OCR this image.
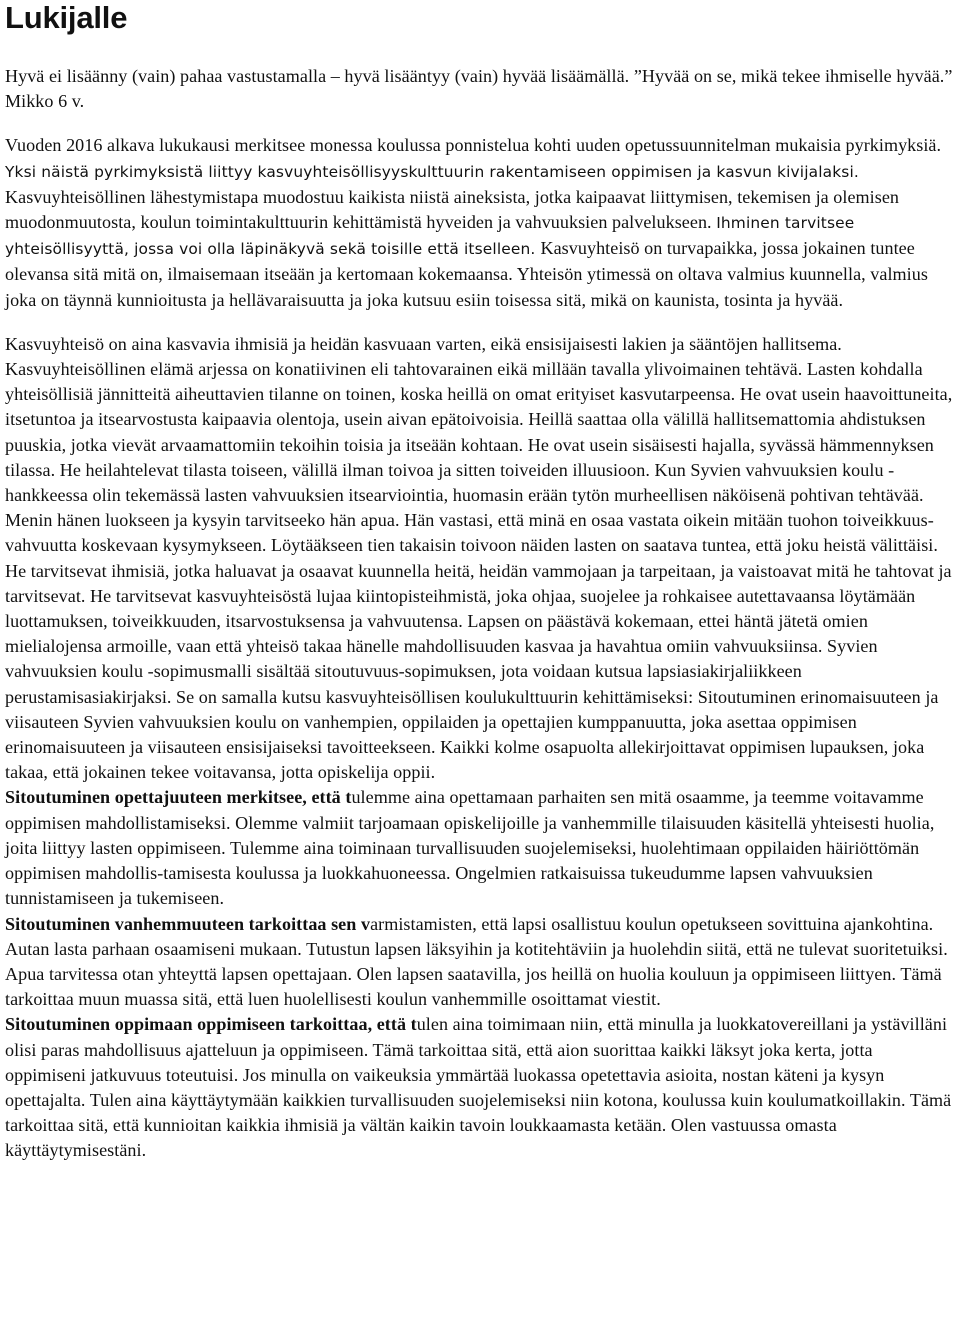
Lukijalle

Hyvä ei lisäänny (vain) pahaa vastustamalla – hyvä lisääntyy (vain) hyvää lisäämällä. ”Hyvää on se, mikä tekee ihmiselle hyvää.” Mikko 6 v.

Vuoden 2016 alkava lukukausi merkitsee monessa koulussa ponnistelua kohti uuden opetussuunnitelman mukaisia pyrkimyksiä. Yksi näistä pyrkimyksistä liittyy kasvuyhteisöllisyyskulttuurin rakentamiseen oppimisen ja kasvun kivijalaksi. Kasvuyhteisöllinen lähestymistapa muodostuu kaikista niistä aineksista, jotka kaipaavat liittymisen, tekemisen ja olemisen muodonmuutosta, koulun toimintakulttuurin kehittämistä hyveiden ja vahvuuksien palvelukseen. Ihminen tarvitsee yhteisöllisyyttä, jossa voi olla läpinäkyvä sekä toisille että itselleen. Kasvuyhteisö on turvapaikka, jossa jokainen tuntee olevansa sitä mitä on, ilmaisemaan itseään ja kertomaan kokemaansa. Yhteisön ytimessä on oltava valmius kuunnella, valmius joka on täynnä kunnioitusta ja hellävaraisuutta ja joka kutsuu esiin toisessa sitä, mikä on kaunista, tosinta ja hyvää.

Kasvuyhteisö on aina kasvavia ihmisiä ja heidän kasvuaan varten, eikä ensisijaisesti lakien ja sääntöjen hallitsema. Kasvuyhteisöllinen elämä arjessa on konatiivinen eli tahtovarainen eikä millään tavalla ylivoimainen tehtävä. Lasten kohdalla yhteisöllisiä jännitteitä aiheuttavien tilanne on toinen, koska heillä on omat erityiset kasvutarpeensa. He ovat usein haavoittuneita, itsetuntoa ja itsearvostusta kaipaavia olentoja, usein aivan epätoivoisia. Heillä saattaa olla välillä hallitsemattomia ahdistuksen puuskia, jotka vievät arvaamattomiin tekoihin toisia ja itseään kohtaan. He ovat usein sisäisesti hajalla, syvässä hämmennyksen tilassa. He heilahtelevat tilasta toiseen, välillä ilman toivoa ja sitten toiveiden illuusioon. Kun Syvien vahvuuksien koulu -hankkeessa olin tekemässä lasten vahvuuksien itsearviointia, huomasin erään tytön murheellisen näköisenä pohtivan tehtävää. Menin hänen luokseen ja kysyin tarvitseeko hän apua. Hän vastasi, että minä en osaa vastata oikein mitään tuohon toiveikkuus-vahvuutta koskevaan kysymykseen. Löytääkseen tien takaisin toivoon näiden lasten on saatava tuntea, että joku heistä välittäisi. He tarvitsevat ihmisiä, jotka haluavat ja osaavat kuunnella heitä, heidän vammojaan ja tarpeitaan, ja vaistoavat mitä he tahtovat ja tarvitsevat. He tarvitsevat kasvuyhteisöstä lujaa kiintopisteihmistä, joka ohjaa, suojelee ja rohkaisee autettavaansa löytämään luottamuksen, toiveikkuuden, itsarvostuksensa ja vahvuutensa. Lapsen on päästävä kokemaan, ettei häntä jätetä omien mielialojensa armoille, vaan että yhteisö takaa hänelle mahdollisuuden kasvaa ja havahtua omiin vahvuuksiinsa. Syvien vahvuuksien koulu -sopimusmalli sisältää sitoutuvuus-sopimuksen, jota voidaan kutsua lapsiasiakirjaliikkeen perustamisasiakirjaksi. Se on samalla kutsu kasvuyhteisöllisen koulukulttuurin kehittämiseksi: Sitoutuminen erinomaisuuteen ja viisauteen Syvien vahvuuksien koulu on vanhempien, oppilaiden ja opettajien kumppanuutta, joka asettaa oppimisen erinomaisuuteen ja viisauteen ensisijaiseksi tavoitteekseen. Kaikki kolme osapuolta allekirjoittavat oppimisen lupauksen, joka takaa, että jokainen tekee voitavansa, jotta opiskelija oppii.

Sitoutuminen opettajuuteen merkitsee, että tulemme aina opettamaan parhaiten sen mitä osaamme, ja teemme voitavamme oppimisen mahdollistamiseksi. Olemme valmiit tarjoamaan opiskelijoille ja vanhemmille tilaisuuden käsitellä yhteisesti huolia, joita liittyy lasten oppimiseen. Tulemme aina toiminaan turvallisuuden suojelemiseksi, huolehtimaan oppilaiden häiriöttömän oppimisen mahdollis-tamisesta koulussa ja luokkahuoneessa. Ongelmien ratkaisuissa tukeudumme lapsen vahvuuksien tunnistamiseen ja tukemiseen.

Sitoutuminen vanhemmuuteen tarkoittaa sen varmistamisten, että lapsi osallistuu koulun opetukseen sovittuina ajankohtina. Autan lasta parhaan osaamiseni mukaan. Tutustun lapsen läksyihin ja kotitehtäviin ja huolehdin siitä, että ne tulevat suoritetuiksi. Apua tarvitessa otan yhteyttä lapsen opettajaan. Olen lapsen saatavilla, jos heillä on huolia kouluun ja oppimiseen liittyen. Tämä tarkoittaa muun muassa sitä, että luen huolellisesti koulun vanhemmille osoittamat viestit.

Sitoutuminen oppimaan oppimiseen tarkoittaa, että tulen aina toimimaan niin, että minulla ja luokkatovereillani ja ystävilläni olisi paras mahdollisuus ajatteluun ja oppimiseen. Tämä tarkoittaa sitä, että aion suorittaa kaikki läksyt joka kerta, jotta oppimiseni jatkuvuus toteutuisi. Jos minulla on vaikeuksia ymmärtää luokassa opetettavia asioita, nostan käteni ja kysyn opettajalta. Tulen aina käyttäytymään kaikkien turvallisuuden suojelemiseksi niin kotona, koulussa kuin koulumatkoillakin. Tämä tarkoittaa sitä, että kunnioitan kaikkia ihmisiä ja vältän kaikin tavoin loukkaamasta ketään. Olen vastuussa omasta käyttäytymisestäni.
